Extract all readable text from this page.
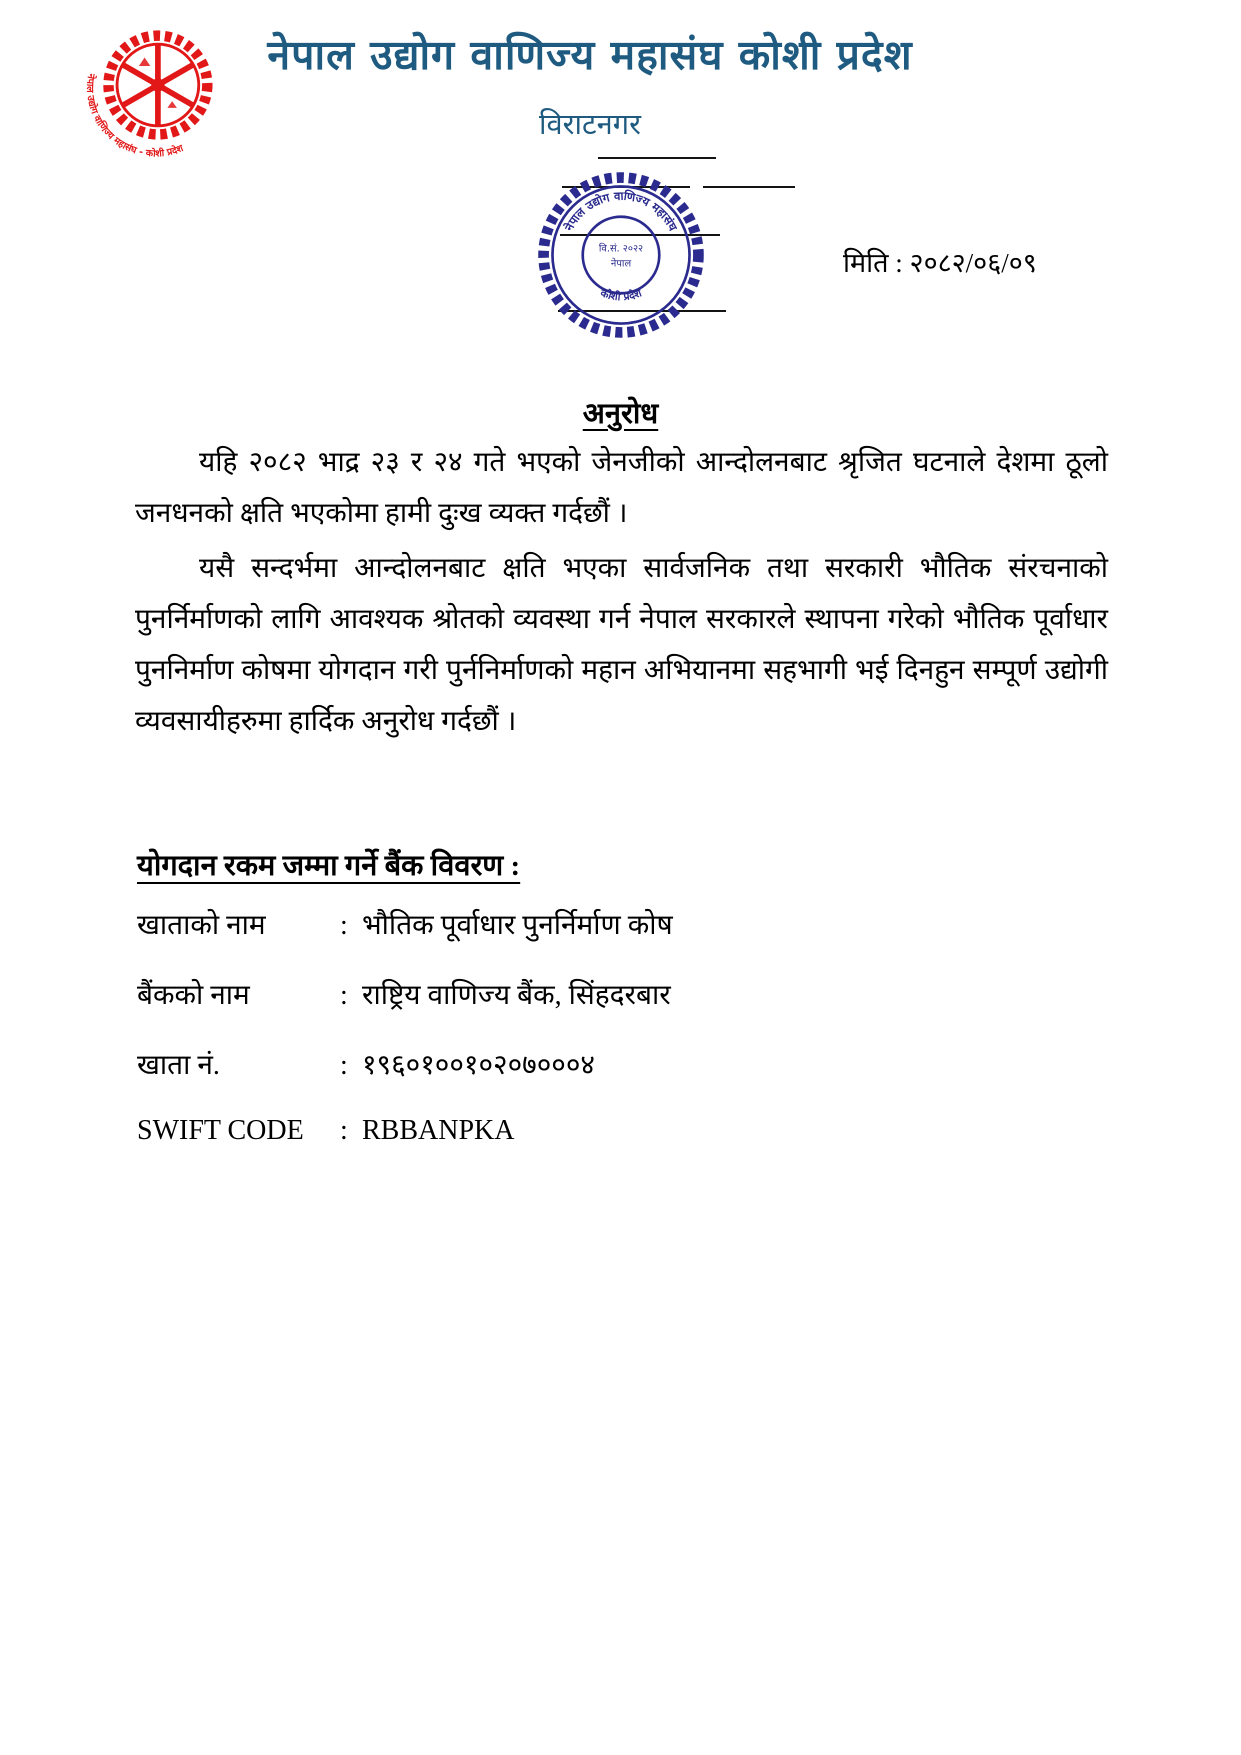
नेपाल उद्योग वाणिज्य महासंघ - कोशी प्रदेश
नेपाल उद्योग वाणिज्य महासंघ कोशी प्रदेश
विराटनगर
नेपाल उद्योग वाणिज्य महासंघ
कोशी प्रदेश
वि.सं. २०२२
नेपाल	मिति : २०८२/०६/०९
अनुरोध
यहि २०८२ भाद्र २३ र २४ गते भएको जेनजीको आन्दोलनबाट श्रृजित घटनाले देशमा ठूलो जनधनको क्षति भएकोमा हामी दुःख व्यक्त गर्दछौं ।
यसै सन्दर्भमा आन्दोलनबाट क्षति भएका सार्वजनिक तथा सरकारी भौतिक संरचनाको पुनर्निर्माणको लागि आवश्यक श्रोतको व्यवस्था गर्न नेपाल सरकारले स्थापना गरेको भौतिक पूर्वाधार पुननिर्माण कोषमा योगदान गरी पुर्ननिर्माणको महान अभियानमा सहभागी भई दिनहुन सम्पूर्ण उद्योगी व्यवसायीहरुमा हार्दिक अनुरोध गर्दछौं ।
योगदान रकम जम्मा गर्ने बैंक विवरण :
खाताको नाम	: भौतिक पूर्वाधार पुनर्निर्माण कोष
बैंकको नाम	: राष्ट्रिय वाणिज्य बैंक, सिंहदरबार
खाता नं.	: १९६०१००१०२०७०००४
SWIFT CODE	: RBBANPKA
